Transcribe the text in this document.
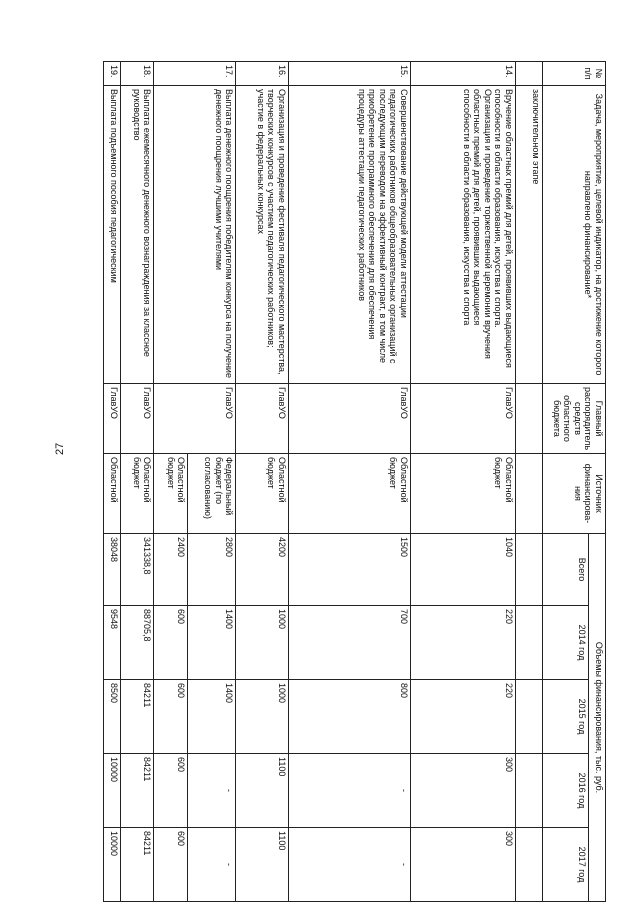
27
№ п/п	Задача, мероприятие, целевой индикатор, на достижение которого направлено финансирование*	Главный распорядитель средств областного бюджета	Источник финансирова-ния	Объемы финансирования, тыс. руб.				
				Всего	2014 год	2015 год	2016 год	2017 год
	заключительном этапе							
14.	Вручение областных премий для детей, проявивших выдающиеся способности в области образования, искусства и спорта. Организация и проведение торжественной церемонии вручения областных премий для детей, проявивших выдающиеся способности в области образования, искусства и спорта	ГлавУО	Областной бюджет	1040	220	220	300	300
15.	Совершенствование действующей модели аттестации педагогических работников общеобразовательных организаций с последующим переводом на эффективный контракт, в том числе приобретение программного обеспечения для обеспечения процедуры аттестации педагогических работников	ГлавУО	Областной бюджет	1500	700	800	-	-
16.	Организация и проведение фестиваля педагогического мастерства, творческих конкурсов с участием педагогических работников; участие в федеральных конкурсах	ГлавУО	Областной бюджет	4200	1000	1000	1100	1100
17.	Выплата денежного поощрения победителям конкурса на получение денежного поощрения лучшими учителями	ГлавУО	Федеральный бюджет (по согласованию)	2800	1400	1400	-	-
			Областной бюджет	2400	600	600	600	600
18.	Выплата ежемесячного денежного вознаграждения за классное руководство	ГлавУО	Областной бюджет	341338,8	88705,8	84211	84211	84211
19.	Выплата подъемного пособия педагогическим	ГлавУО	Областной	38048	9548	8500	10000	10000
